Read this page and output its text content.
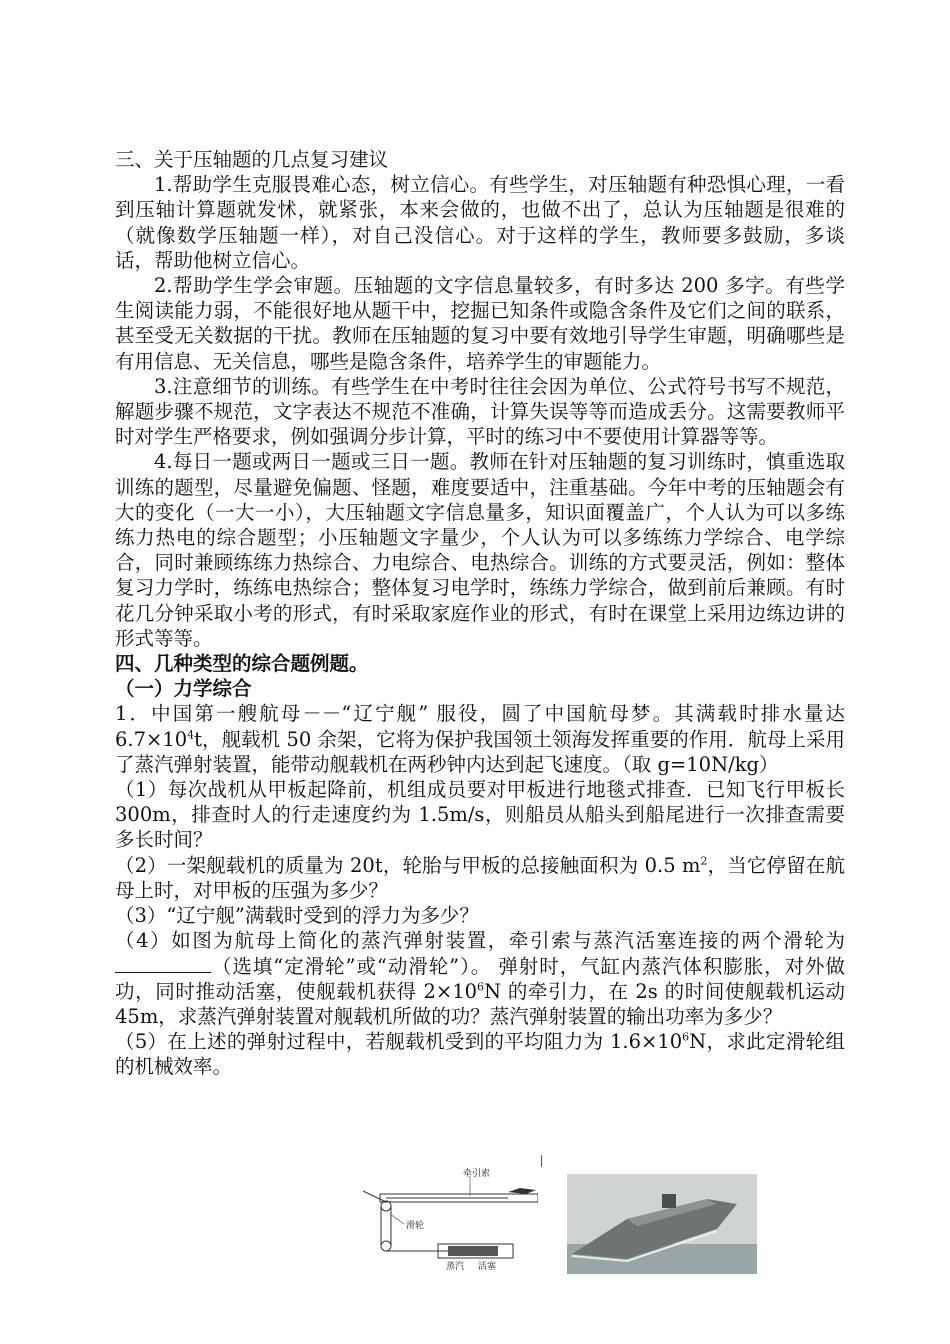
三、关于压轴题的几点复习建议

1.帮助学生克服畏难心态，树立信心。有些学生，对压轴题有种恐惧心理，一看到压轴计算题就发怵，就紧张，本来会做的，也做不出了，总认为压轴题是很难的（就像数学压轴题一样），对自己没信心。对于这样的学生，教师要多鼓励，多谈话，帮助他树立信心。

2.帮助学生学会审题。压轴题的文字信息量较多，有时多达 200 多字。有些学生阅读能力弱，不能很好地从题干中，挖掘已知条件或隐含条件及它们之间的联系，甚至受无关数据的干扰。教师在压轴题的复习中要有效地引导学生审题，明确哪些是有用信息、无关信息，哪些是隐含条件，培养学生的审题能力。

3.注意细节的训练。有些学生在中考时往往会因为单位、公式符号书写不规范，解题步骤不规范，文字表达不规范不准确，计算失误等等而造成丢分。这需要教师平时对学生严格要求，例如强调分步计算，平时的练习中不要使用计算器等等。

4.每日一题或两日一题或三日一题。教师在针对压轴题的复习训练时，慎重选取训练的题型，尽量避免偏题、怪题，难度要适中，注重基础。今年中考的压轴题会有大的变化（一大一小），大压轴题文字信息量多，知识面覆盖广，个人认为可以多练练力热电的综合题型；小压轴题文字量少，个人认为可以多练练力学综合、电学综合，同时兼顾练练力热综合、力电综合、电热综合。训练的方式要灵活，例如：整体复习力学时，练练电热综合；整体复习电学时，练练力学综合，做到前后兼顾。有时花几分钟采取小考的形式，有时采取家庭作业的形式，有时在课堂上采用边练边讲的形式等等。

四、几种类型的综合题例题。

（一）力学综合

1．中国第一艘航母－－“辽宁舰” 服役，圆了中国航母梦。其满载时排水量达 $6.7\times 10^4t$，舰载机 50 余架，它将为保护我国领土领海发挥重要的作用．航母上采用了蒸汽弹射装置，能带动舰载机在两秒钟内达到起飞速度。（取 g=10N/kg）

（1）每次战机从甲板起降前，机组成员要对甲板进行地毯式排查．已知飞行甲板长 300m，排查时人的行走速度约为 1.5m/s，则船员从船头到船尾进行一次排查需要多长时间？

（2）一架舰载机的质量为 20t，轮胎与甲板的总接触面积为 0.5 $m^2$，当它停留在航母上时，对甲板的压强为多少？

（3）“辽宁舰”满载时受到的浮力为多少？

（4）如图为航母上简化的蒸汽弹射装置，牵引索与蒸汽活塞连接的两个滑轮为（选填“定滑轮”或“动滑轮”）。 弹射时，气缸内蒸汽体积膨胀，对外做功，同时推动活塞，使舰载机获得 $2\times 10^6N$ 的牵引力，在 2s 的时间使舰载机运动 45m，求蒸汽弹射装置对舰载机所做的功？蒸汽弹射装置的输出功率为多少？

（5）在上述的弹射过程中，若舰载机受到的平均阻力为 $1.6\times 10^6N$，求此定滑轮组的机械效率。

牵引索
滑轮
蒸汽 活塞
